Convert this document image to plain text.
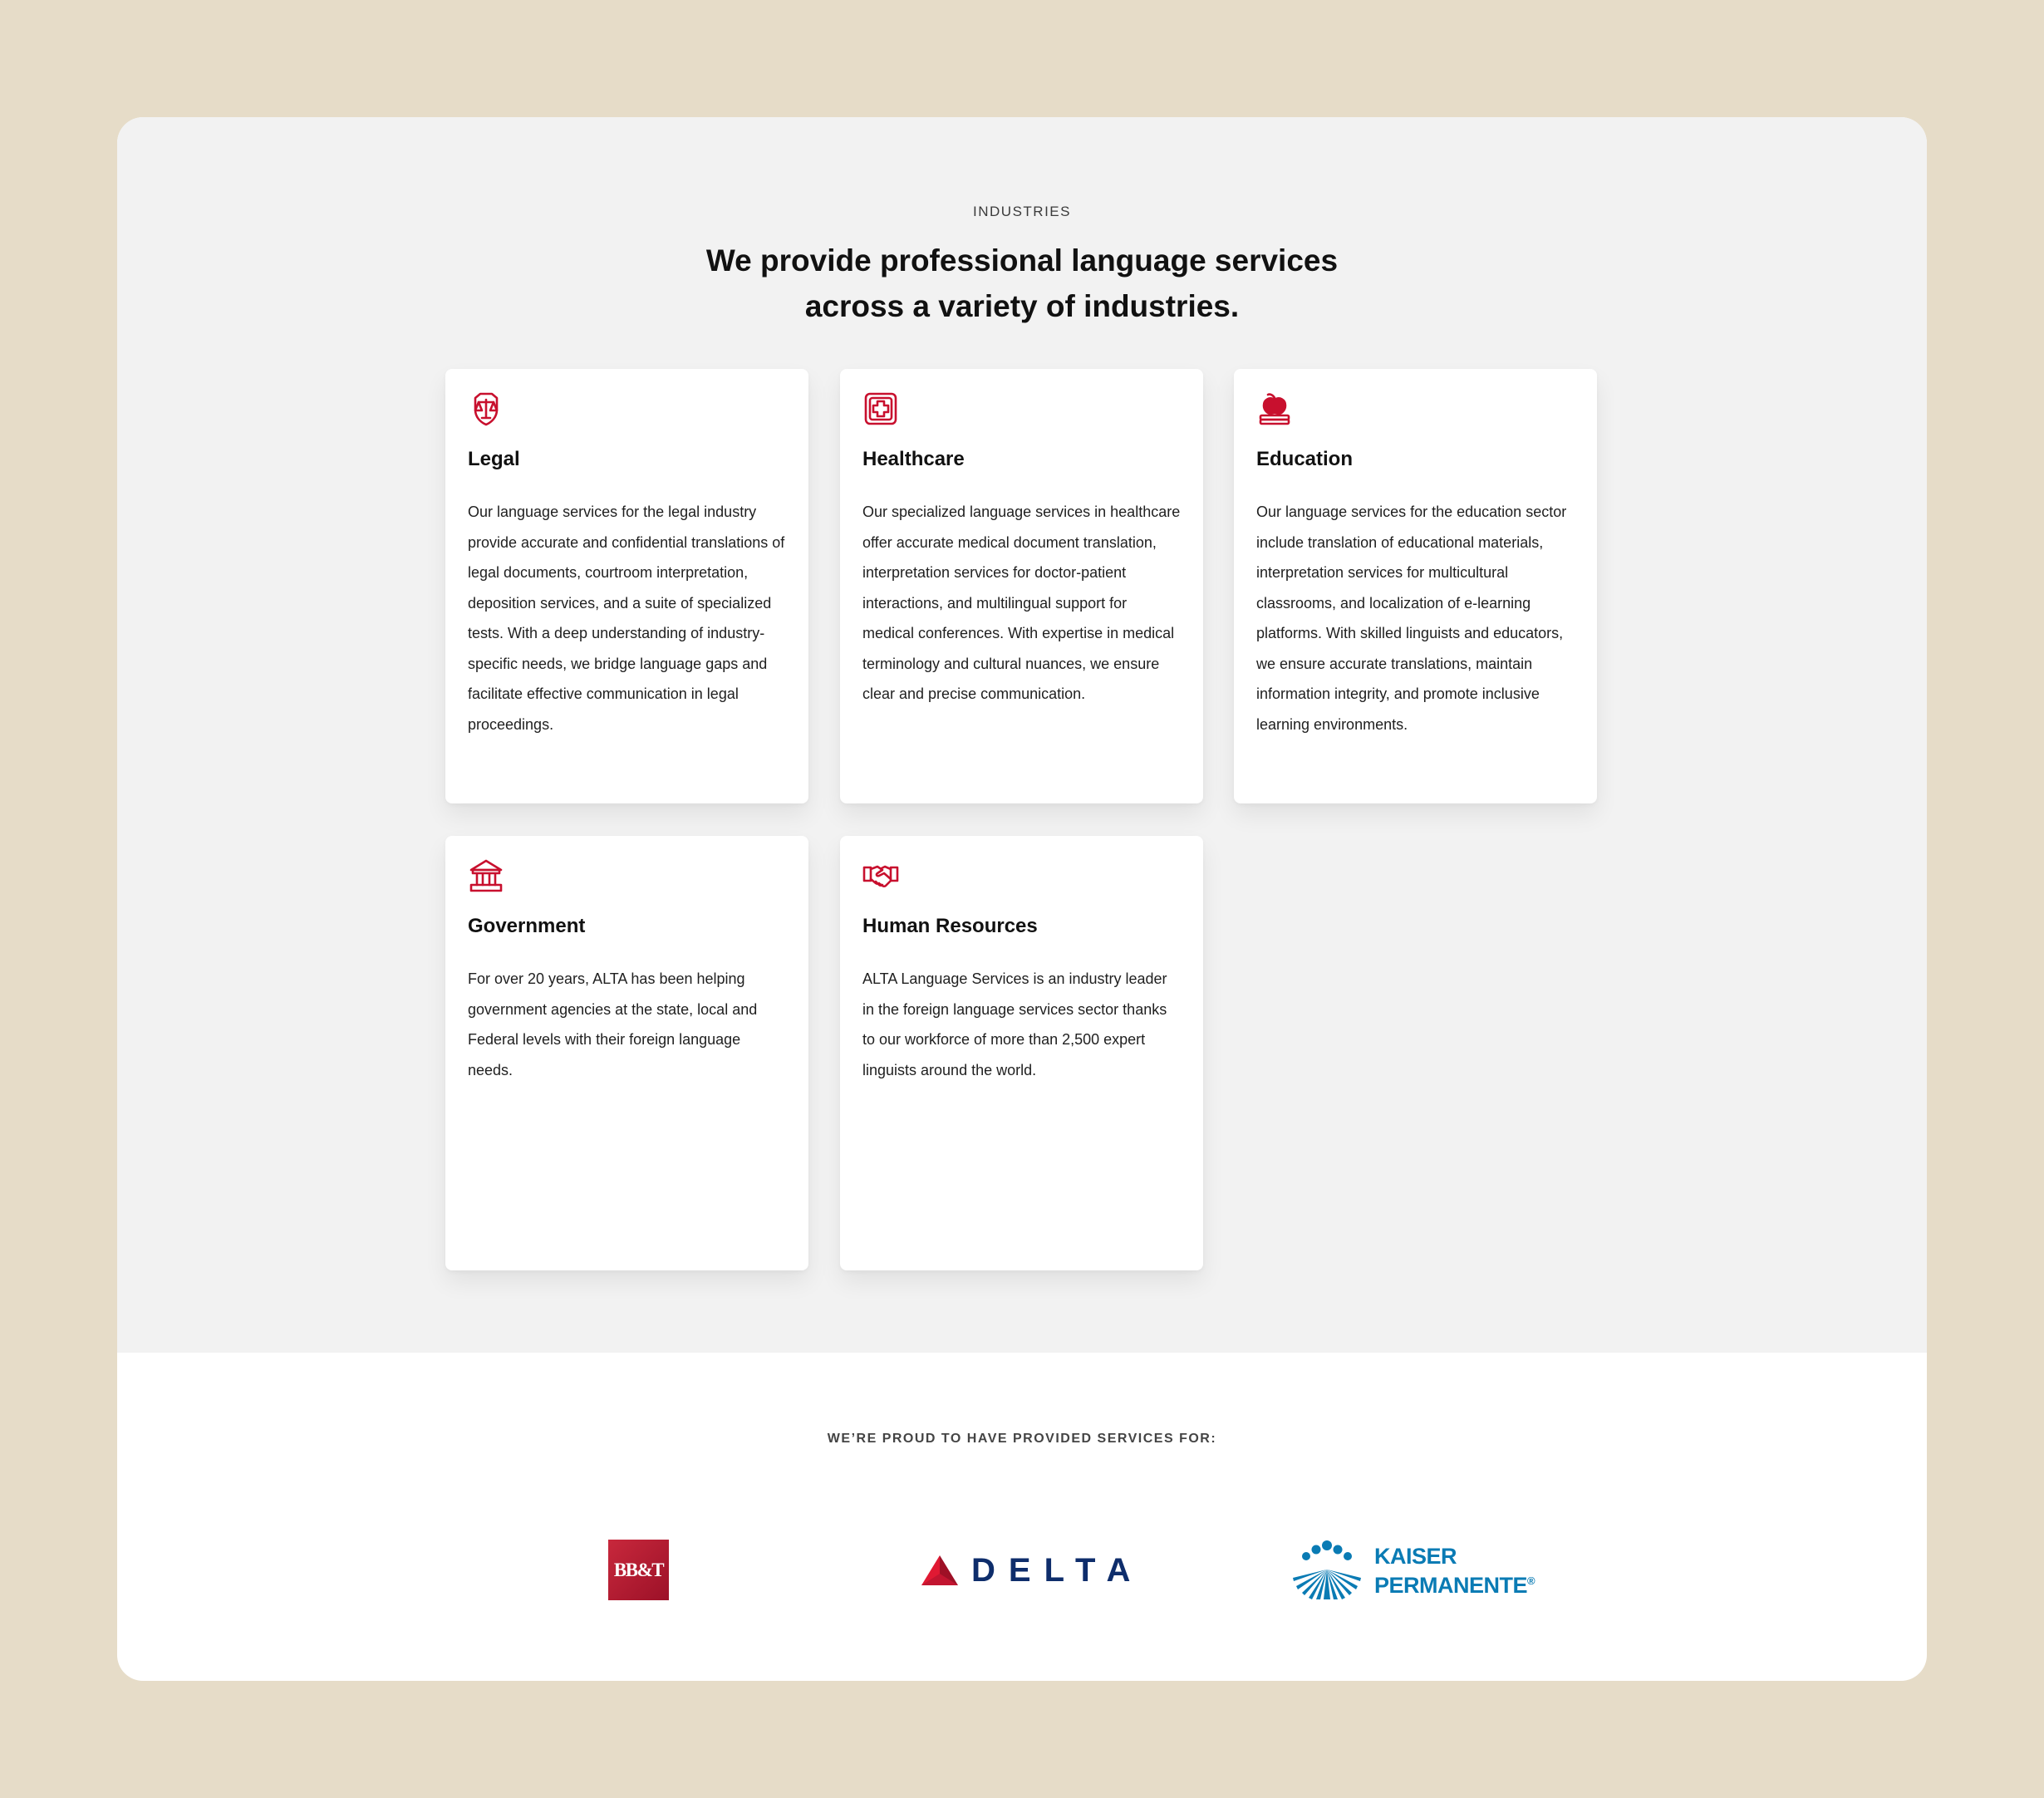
INDUSTRIES
We provide professional language services
across a variety of industries.
Legal

Our language services for the legal industry provide accurate and confidential translations of legal documents, courtroom interpretation, deposition services, and a suite of specialized tests. With a deep understanding of industry-specific needs, we bridge language gaps and facilitate effective communication in legal proceedings.

Healthcare

Our specialized language services in healthcare offer accurate medical document translation, interpretation services for doctor-patient interactions, and multilingual support for medical conferences. With expertise in medical terminology and cultural nuances, we ensure clear and precise communication.

Education

Our language services for the education sector include translation of educational materials, interpretation services for multicultural classrooms, and localization of e-learning platforms. With skilled linguists and educators, we ensure accurate translations, maintain information integrity, and promote inclusive learning environments.

Government

For over 20 years, ALTA has been helping government agencies at the state, local and Federal levels with their foreign language needs.

Human Resources

ALTA Language Services is an industry leader in the foreign language services sector thanks to our workforce of more than 2,500 expert linguists around the world.

WE’RE PROUD TO HAVE PROVIDED SERVICES FOR:
BB&T	DELTA	KAISER
PERMANENTE®
